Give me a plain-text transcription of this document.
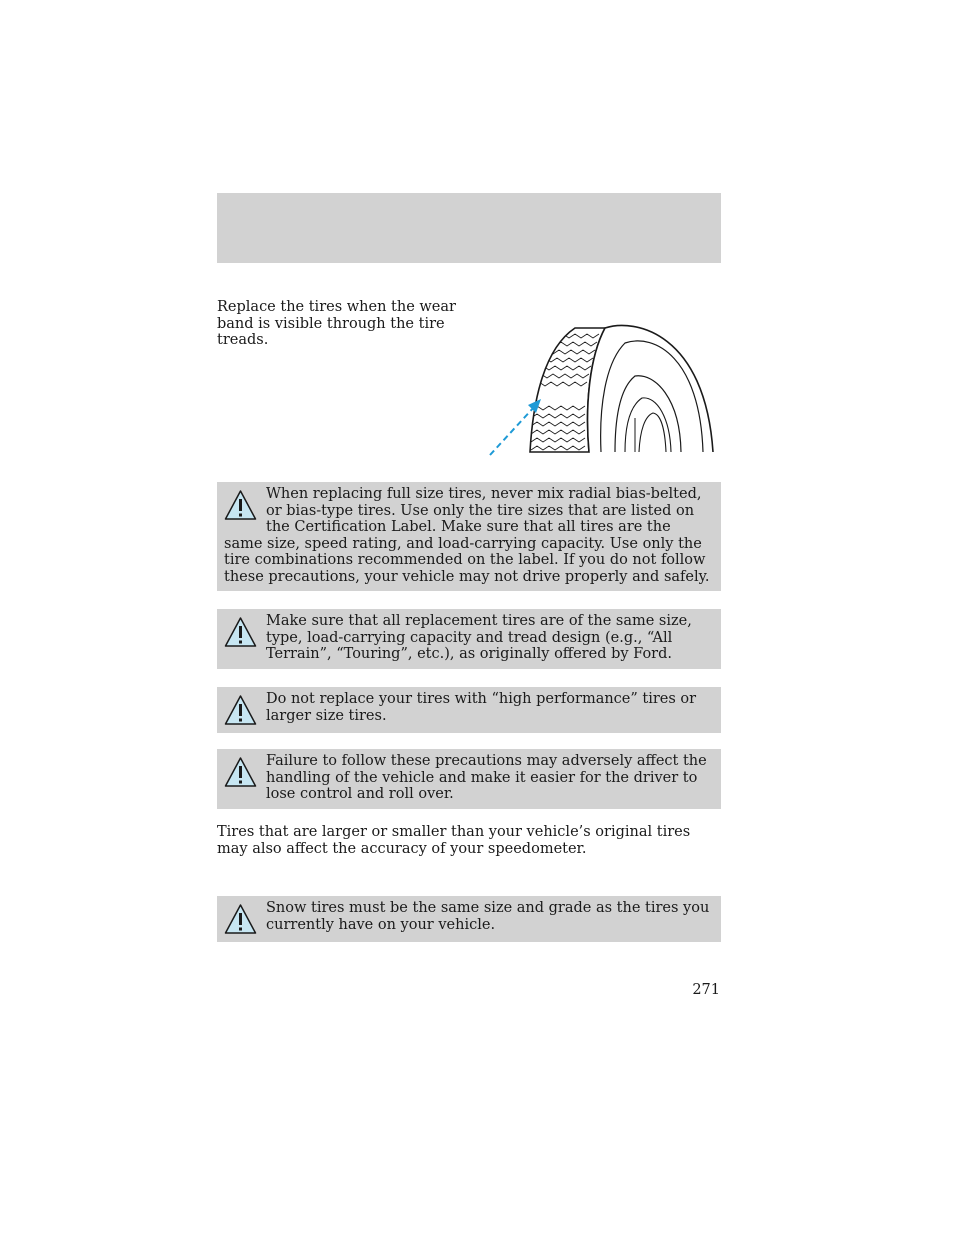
Replace the tires when the wear band is visible through the tire treads.
When replacing full size tires, never mix radial bias-belted, or bias-type tires. Use only the tire sizes that are listed on the Certification Label. Make sure that all tires are the same size, speed rating, and load-carrying capacity. Use only the tire combinations recommended on the label. If you do not follow these precautions, your vehicle may not drive properly and safely.
Make sure that all replacement tires are of the same size, type, load-carrying capacity and tread design (e.g., “All Terrain”, “Touring”, etc.), as originally offered by Ford.
Do not replace your tires with “high performance” tires or larger size tires.
Failure to follow these precautions may adversely affect the handling of the vehicle and make it easier for the driver to lose control and roll over.
Tires that are larger or smaller than your vehicle’s original tires may also affect the accuracy of your speedometer.
Snow tires must be the same size and grade as the tires you currently have on your vehicle.
271
